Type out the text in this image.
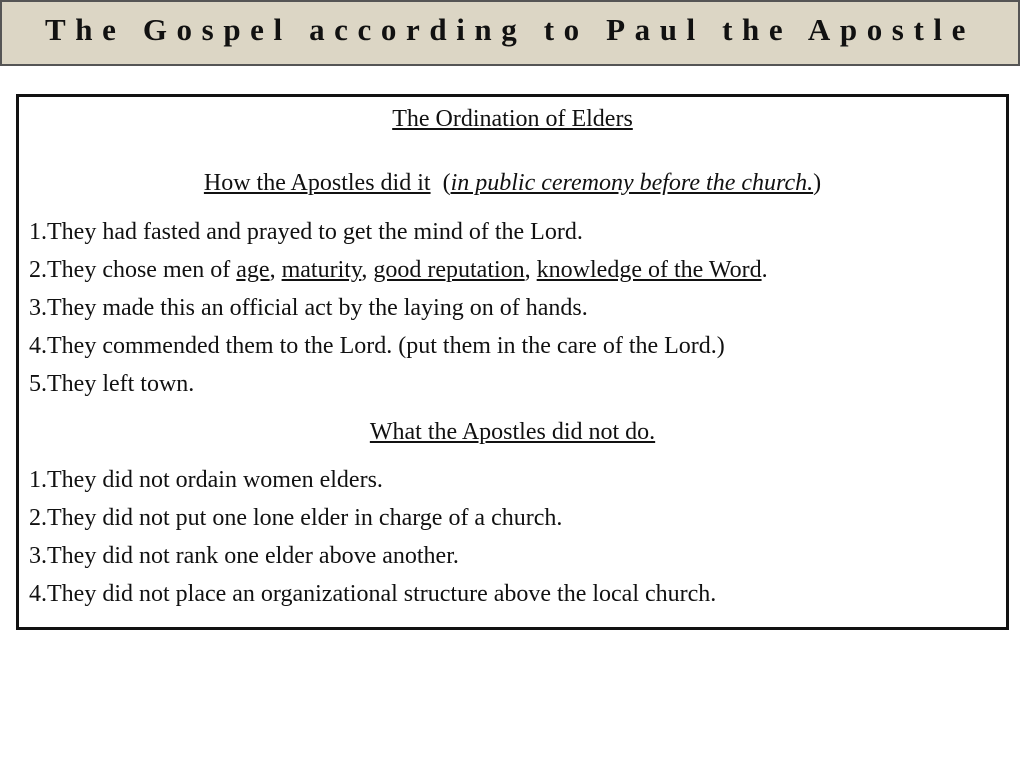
The Gospel according to Paul the Apostle

The Ordination of Elders

How the Apostles did it (in public ceremony before the church.)

1.They had fasted and prayed to get the mind of the Lord.
2.They chose men of age, maturity, good reputation, knowledge of the Word.
3.They made this an official act by the laying on of hands.
4.They commended them to the Lord. (put them in the care of the Lord.)
5.They left town.

What the Apostles did not do.

1.They did not ordain women elders.
2.They did not put one lone elder in charge of a church.
3.They did not rank one elder above another.
4.They did not place an organizational structure above the local church.
